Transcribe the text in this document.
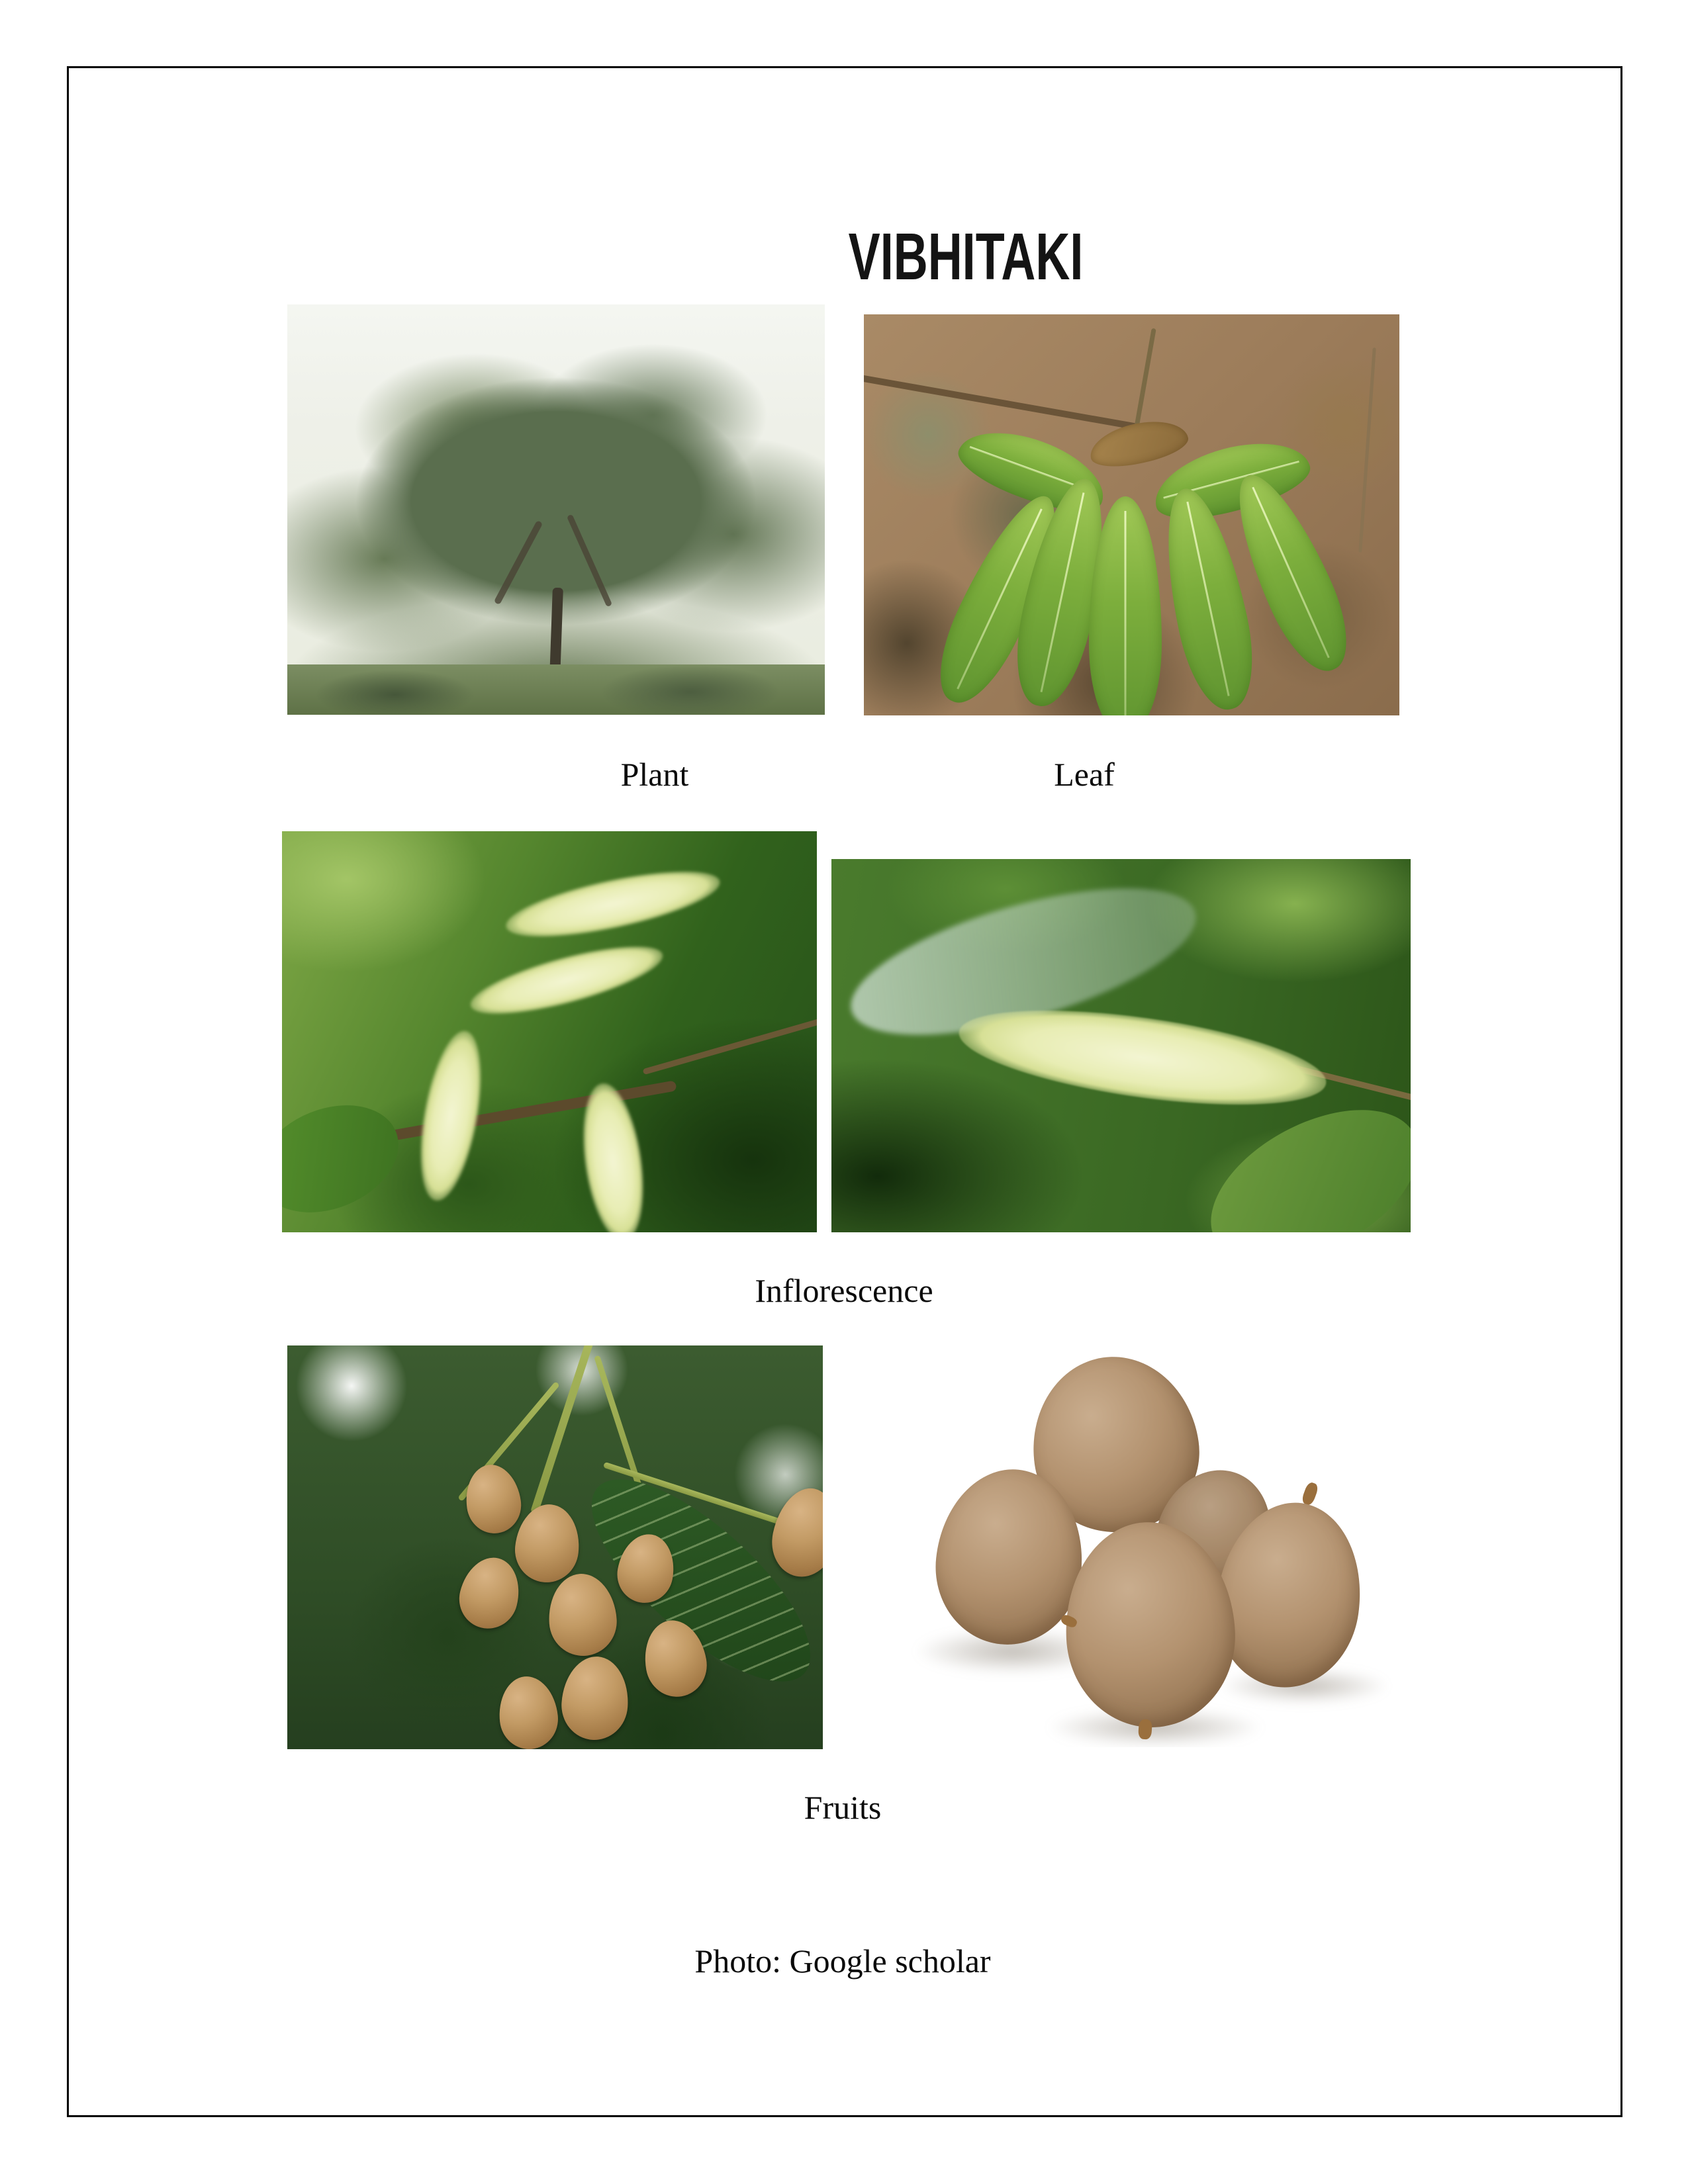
VIBHITAKI
Plant	Leaf
Inflorescence
Fruits
Photo: Google scholar
